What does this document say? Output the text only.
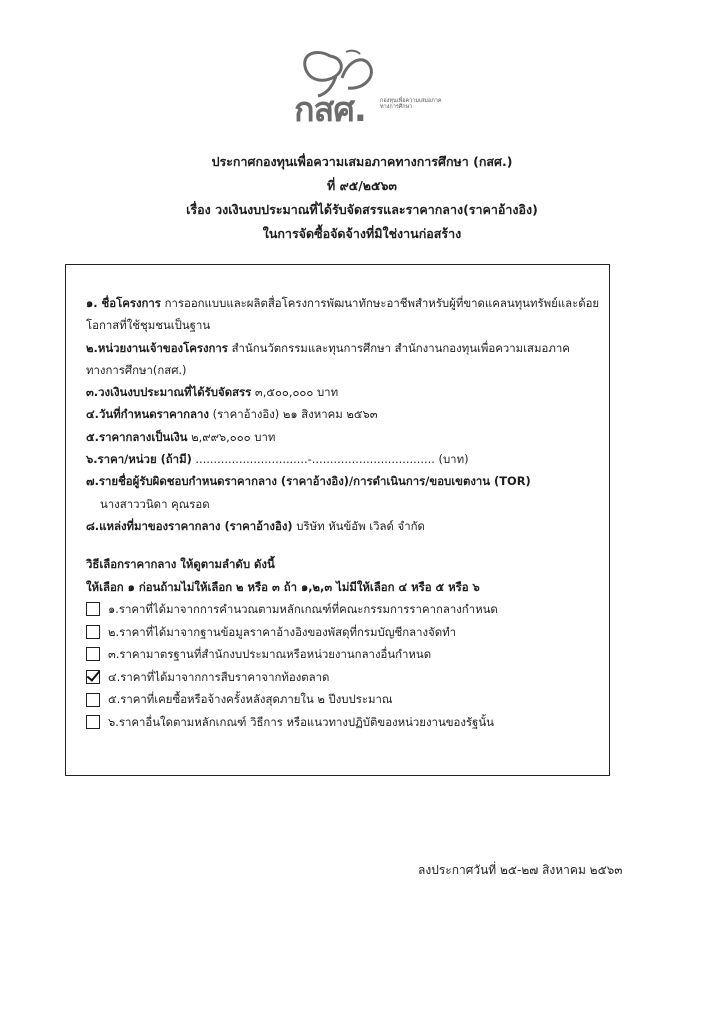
กสศ.	กองทุนเพื่อความเสมอภาคทางการศึกษา
ประกาศกองทุนเพื่อความเสมอภาคทางการศึกษา (กสศ.)
ที่ ๙๕/๒๕๖๓
เรื่อง วงเงินงบประมาณที่ได้รับจัดสรรและราคากลาง(ราคาอ้างอิง)
ในการจัดซื้อจัดจ้างที่มิใช่งานก่อสร้าง
๑. ชื่อโครงการ การออกแบบและผลิตสื่อโครงการพัฒนาทักษะอาชีพสำหรับผู้ที่ขาดแคลนทุนทรัพย์และด้อยโอกาสที่ใช้ชุมชนเป็นฐาน
๒.หน่วยงานเจ้าของโครงการ สำนักนวัตกรรมและทุนการศึกษา สำนักงานกองทุนเพื่อความเสมอภาคทางการศึกษา(กสศ.)
๓.วงเงินงบประมาณที่ได้รับจัดสรร ๓,๕๐๐,๐๐๐ บาท
๔.วันที่กำหนดราคากลาง (ราคาอ้างอิง) ๒๑ สิงหาคม ๒๕๖๓
๕.ราคากลางเป็นเงิน ๒,๙๙๖,๐๐๐ บาท
๖.ราคา/หน่วย (ถ้ามี) ...............................-.................................. (บาท)
๗.รายชื่อผู้รับผิดชอบกำหนดราคากลาง (ราคาอ้างอิง)/การดำเนินการ/ขอบเขตงาน (TOR)
นางสาววนิดา คุณรอด
๘.แหล่งที่มาของราคากลาง (ราคาอ้างอิง) บริษัท หันข้อัพ เวิลด์ จำกัด
วิธีเลือกราคากลาง ให้ดูตามลำดับ ดังนี้
ให้เลือก ๑ ก่อนถ้ามไม่ให้เลือก ๒ หรือ ๓ ถ้า ๑,๒,๓ ไม่มีให้เลือก ๔ หรือ ๕ หรือ ๖
๑.ราคาที่ได้มาจากการคำนวณตามหลักเกณฑ์ที่คณะกรรมการราคากลางกำหนด
๒.ราคาที่ได้มาจากฐานข้อมูลราคาอ้างอิงของพัสดุที่กรมบัญชีกลางจัดทำ
๓.ราคามาตรฐานที่สำนักงบประมาณหรือหน่วยงานกลางอื่นกำหนด
๔.ราคาที่ได้มาจากการสืบราคาจากท้องตลาด
๕.ราคาที่เคยซื้อหรือจ้างครั้งหลังสุดภายใน ๒ ปีงบประมาณ
๖.ราคาอื่นใดตามหลักเกณฑ์ วิธีการ หรือแนวทางปฏิบัติของหน่วยงานของรัฐนั้น
ลงประกาศวันที่ ๒๕-๒๗ สิงหาคม ๒๕๖๓
